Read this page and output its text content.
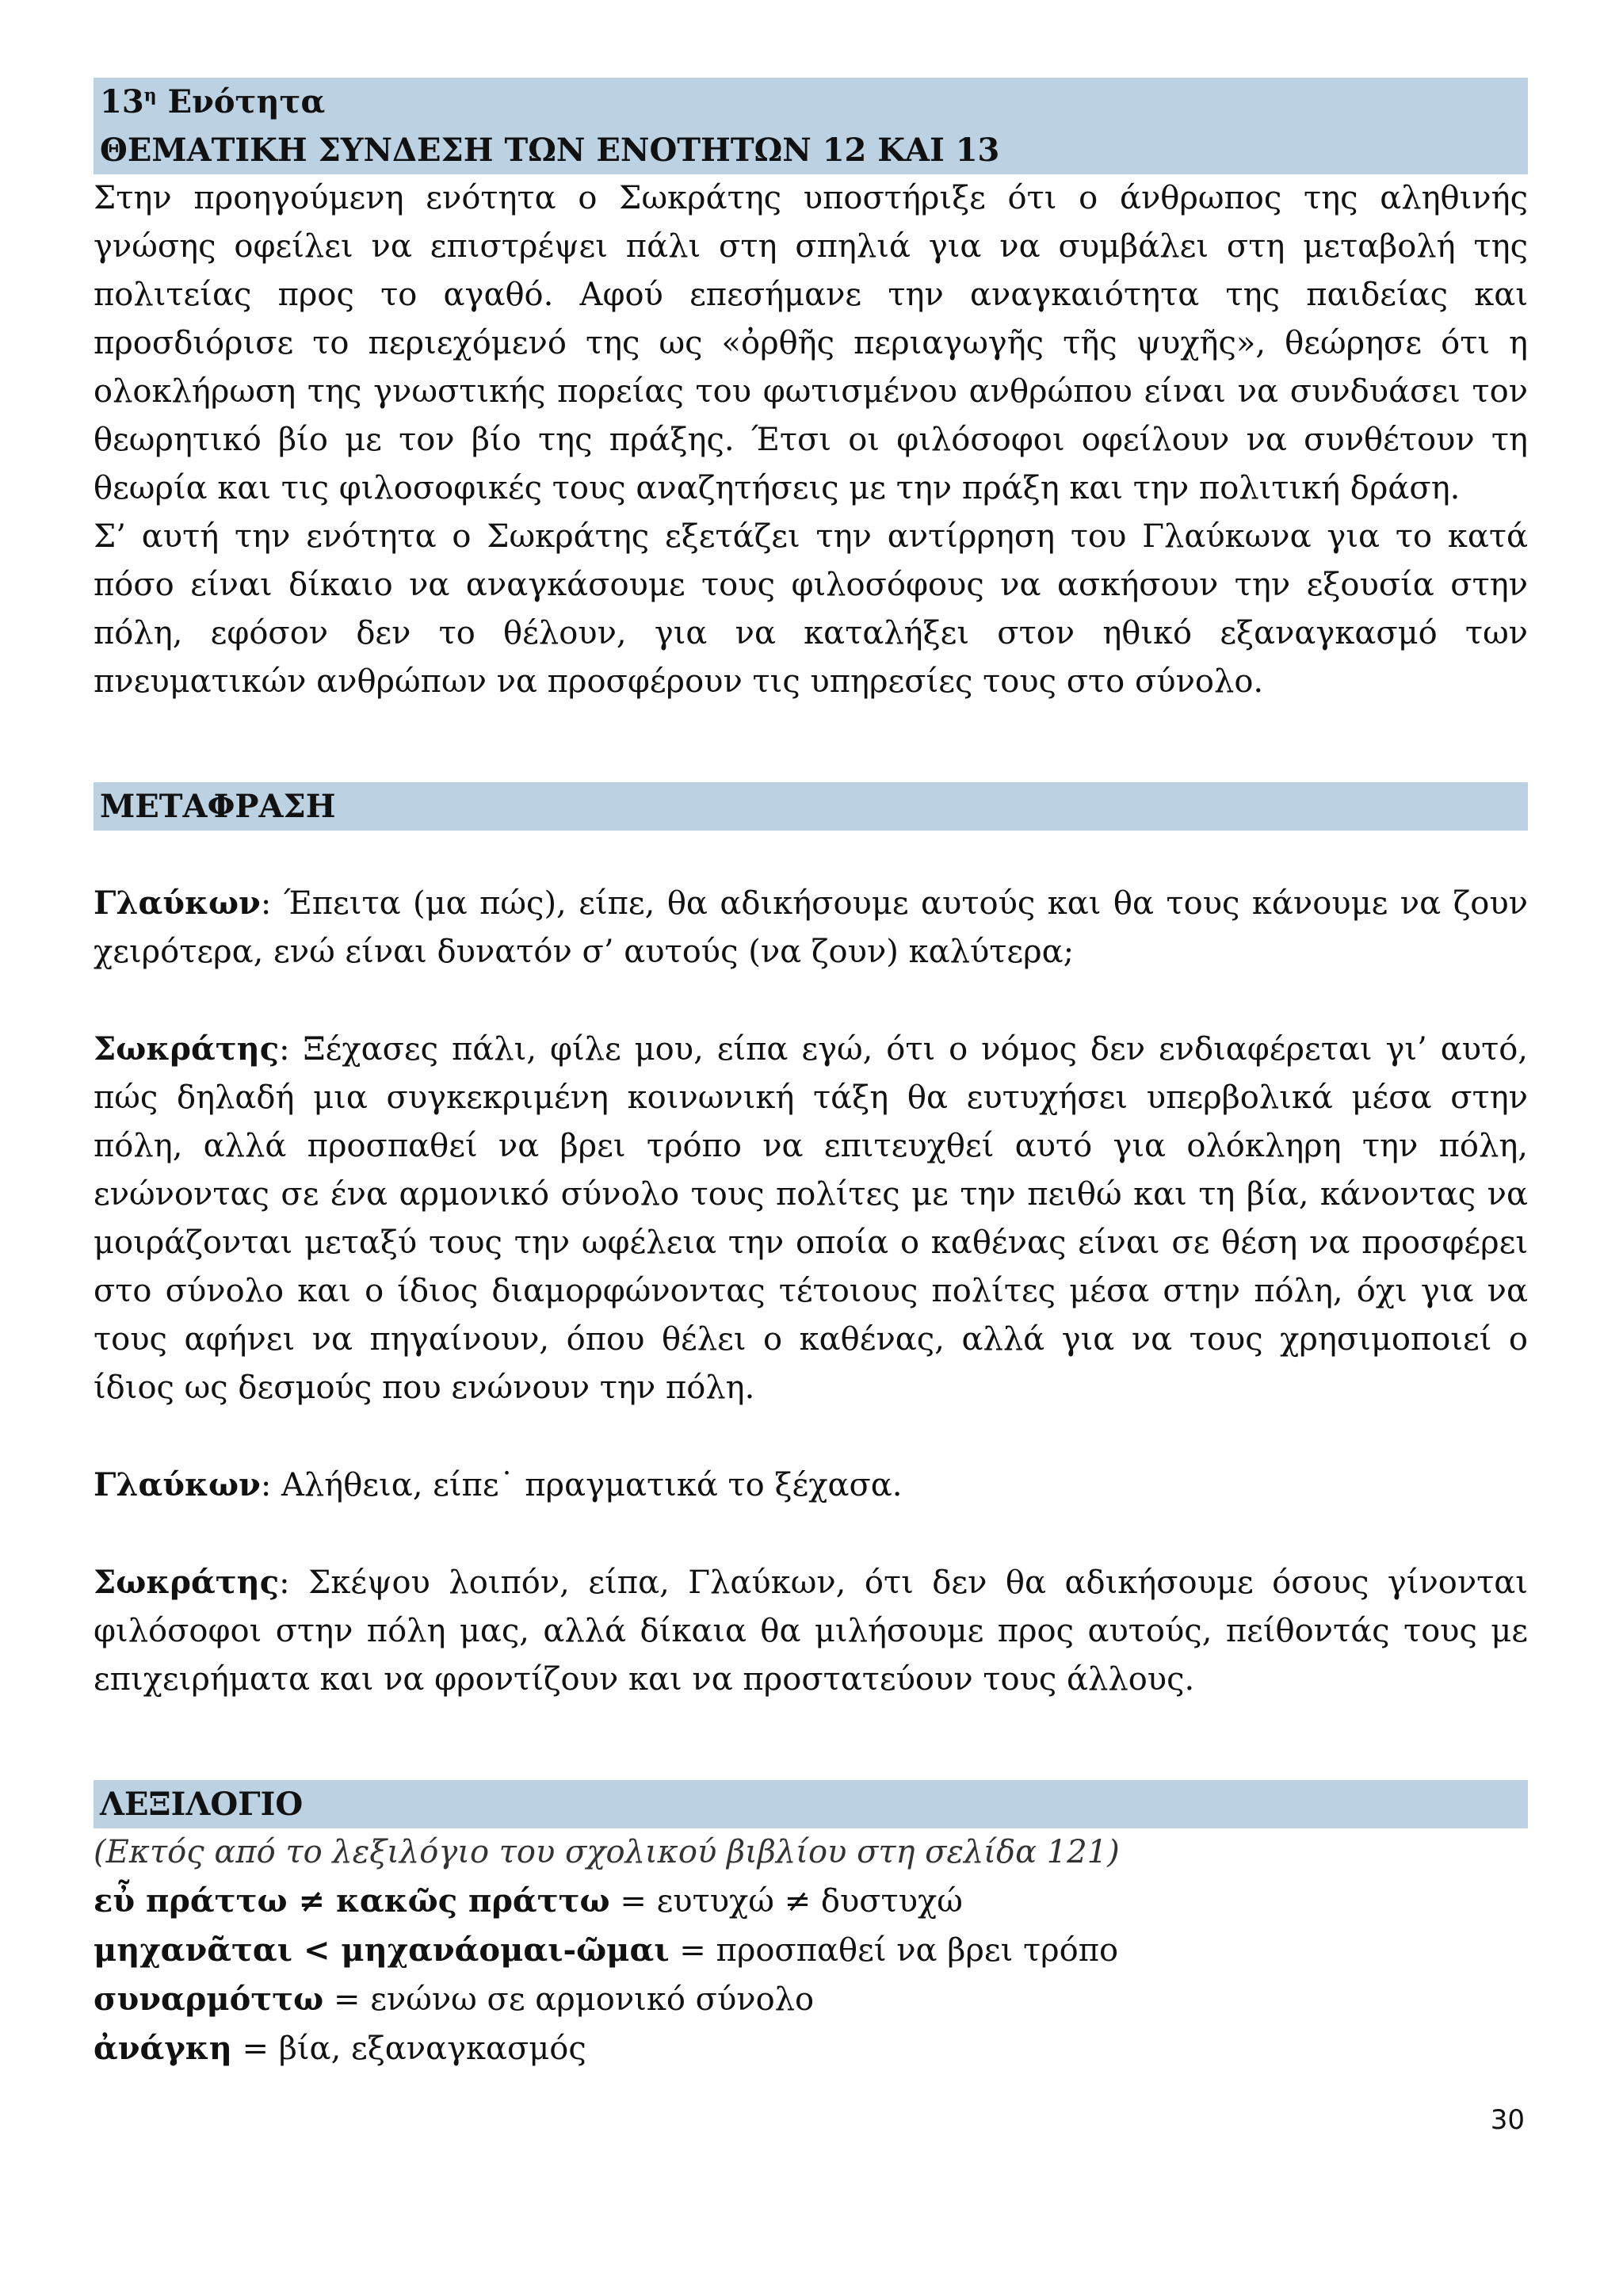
$13^\eta$ Ενότητα
ΘΕΜΑΤΙΚΗ ΣΥΝΔΕΣΗ ΤΩΝ ΕΝΟΤΗΤΩΝ 12 ΚΑΙ 13

Στην προηγούμενη ενότητα ο Σωκράτης υποστήριξε ότι ο άνθρωπος της αληθινής γνώσης οφείλει να επιστρέψει πάλι στη σπηλιά για να συμβάλει στη μεταβολή της πολιτείας προς το αγαθό. Αφού επεσήμανε την αναγκαιότητα της παιδείας και προσδιόρισε το περιεχόμενό της ως «ὀρθῆς περιαγωγῆς τῆς ψυχῆς», θεώρησε ότι η ολοκλήρωση της γνωστικής πορείας του φωτισμένου ανθρώπου είναι να συνδυάσει τον θεωρητικό βίο με τον βίο της πράξης. Έτσι οι φιλόσοφοι οφείλουν να συνθέτουν τη θεωρία και τις φιλοσοφικές τους αναζητήσεις με την πράξη και την πολιτική δράση.

Σ’ αυτή την ενότητα ο Σωκράτης εξετάζει την αντίρρηση του Γλαύκωνα για το κατά πόσο είναι δίκαιο να αναγκάσουμε τους φιλοσόφους να ασκήσουν την εξουσία στην πόλη, εφόσον δεν το θέλουν, για να καταλήξει στον ηθικό εξαναγκασμό των πνευματικών ανθρώπων να προσφέρουν τις υπηρεσίες τους στο σύνολο.

ΜΕΤΑΦΡΑΣΗ

Γλαύκων: Έπειτα (μα πώς), είπε, θα αδικήσουμε αυτούς και θα τους κάνουμε να ζουν χειρότερα, ενώ είναι δυνατόν σ’ αυτούς (να ζουν) καλύτερα;

Σωκράτης: Ξέχασες πάλι, φίλε μου, είπα εγώ, ότι ο νόμος δεν ενδιαφέρεται γι’ αυτό, πώς δηλαδή μια συγκεκριμένη κοινωνική τάξη θα ευτυχήσει υπερβολικά μέσα στην πόλη, αλλά προσπαθεί να βρει τρόπο να επιτευχθεί αυτό για ολόκληρη την πόλη, ενώνοντας σε ένα αρμονικό σύνολο τους πολίτες με την πειθώ και τη βία, κάνοντας να μοιράζονται μεταξύ τους την ωφέλεια την οποία ο καθένας είναι σε θέση να προσφέρει στο σύνολο και ο ίδιος διαμορφώνοντας τέτοιους πολίτες μέσα στην πόλη, όχι για να τους αφήνει να πηγαίνουν, όπου θέλει ο καθένας, αλλά για να τους χρησιμοποιεί ο ίδιος ως δεσμούς που ενώνουν την πόλη.

Γλαύκων: Αλήθεια, είπε˙ πραγματικά το ξέχασα.

Σωκράτης: Σκέψου λοιπόν, είπα, Γλαύκων, ότι δεν θα αδικήσουμε όσους γίνονται φιλόσοφοι στην πόλη μας, αλλά δίκαια θα μιλήσουμε προς αυτούς, πείθοντάς τους με επιχειρήματα και να φροντίζουν και να προστατεύουν τους άλλους.

ΛΕΞΙΛΟΓΙΟ

(Εκτός από το λεξιλόγιο του σχολικού βιβλίου στη σελίδα 121)

εὖ πράττω ≠ κακῶς πράττω = ευτυχώ ≠ δυστυχώ

μηχανᾶται < μηχανάομαι-ῶμαι = προσπαθεί να βρει τρόπο

συναρμόττω = ενώνω σε αρμονικό σύνολο

ἀνάγκη = βία, εξαναγκασμός

30
